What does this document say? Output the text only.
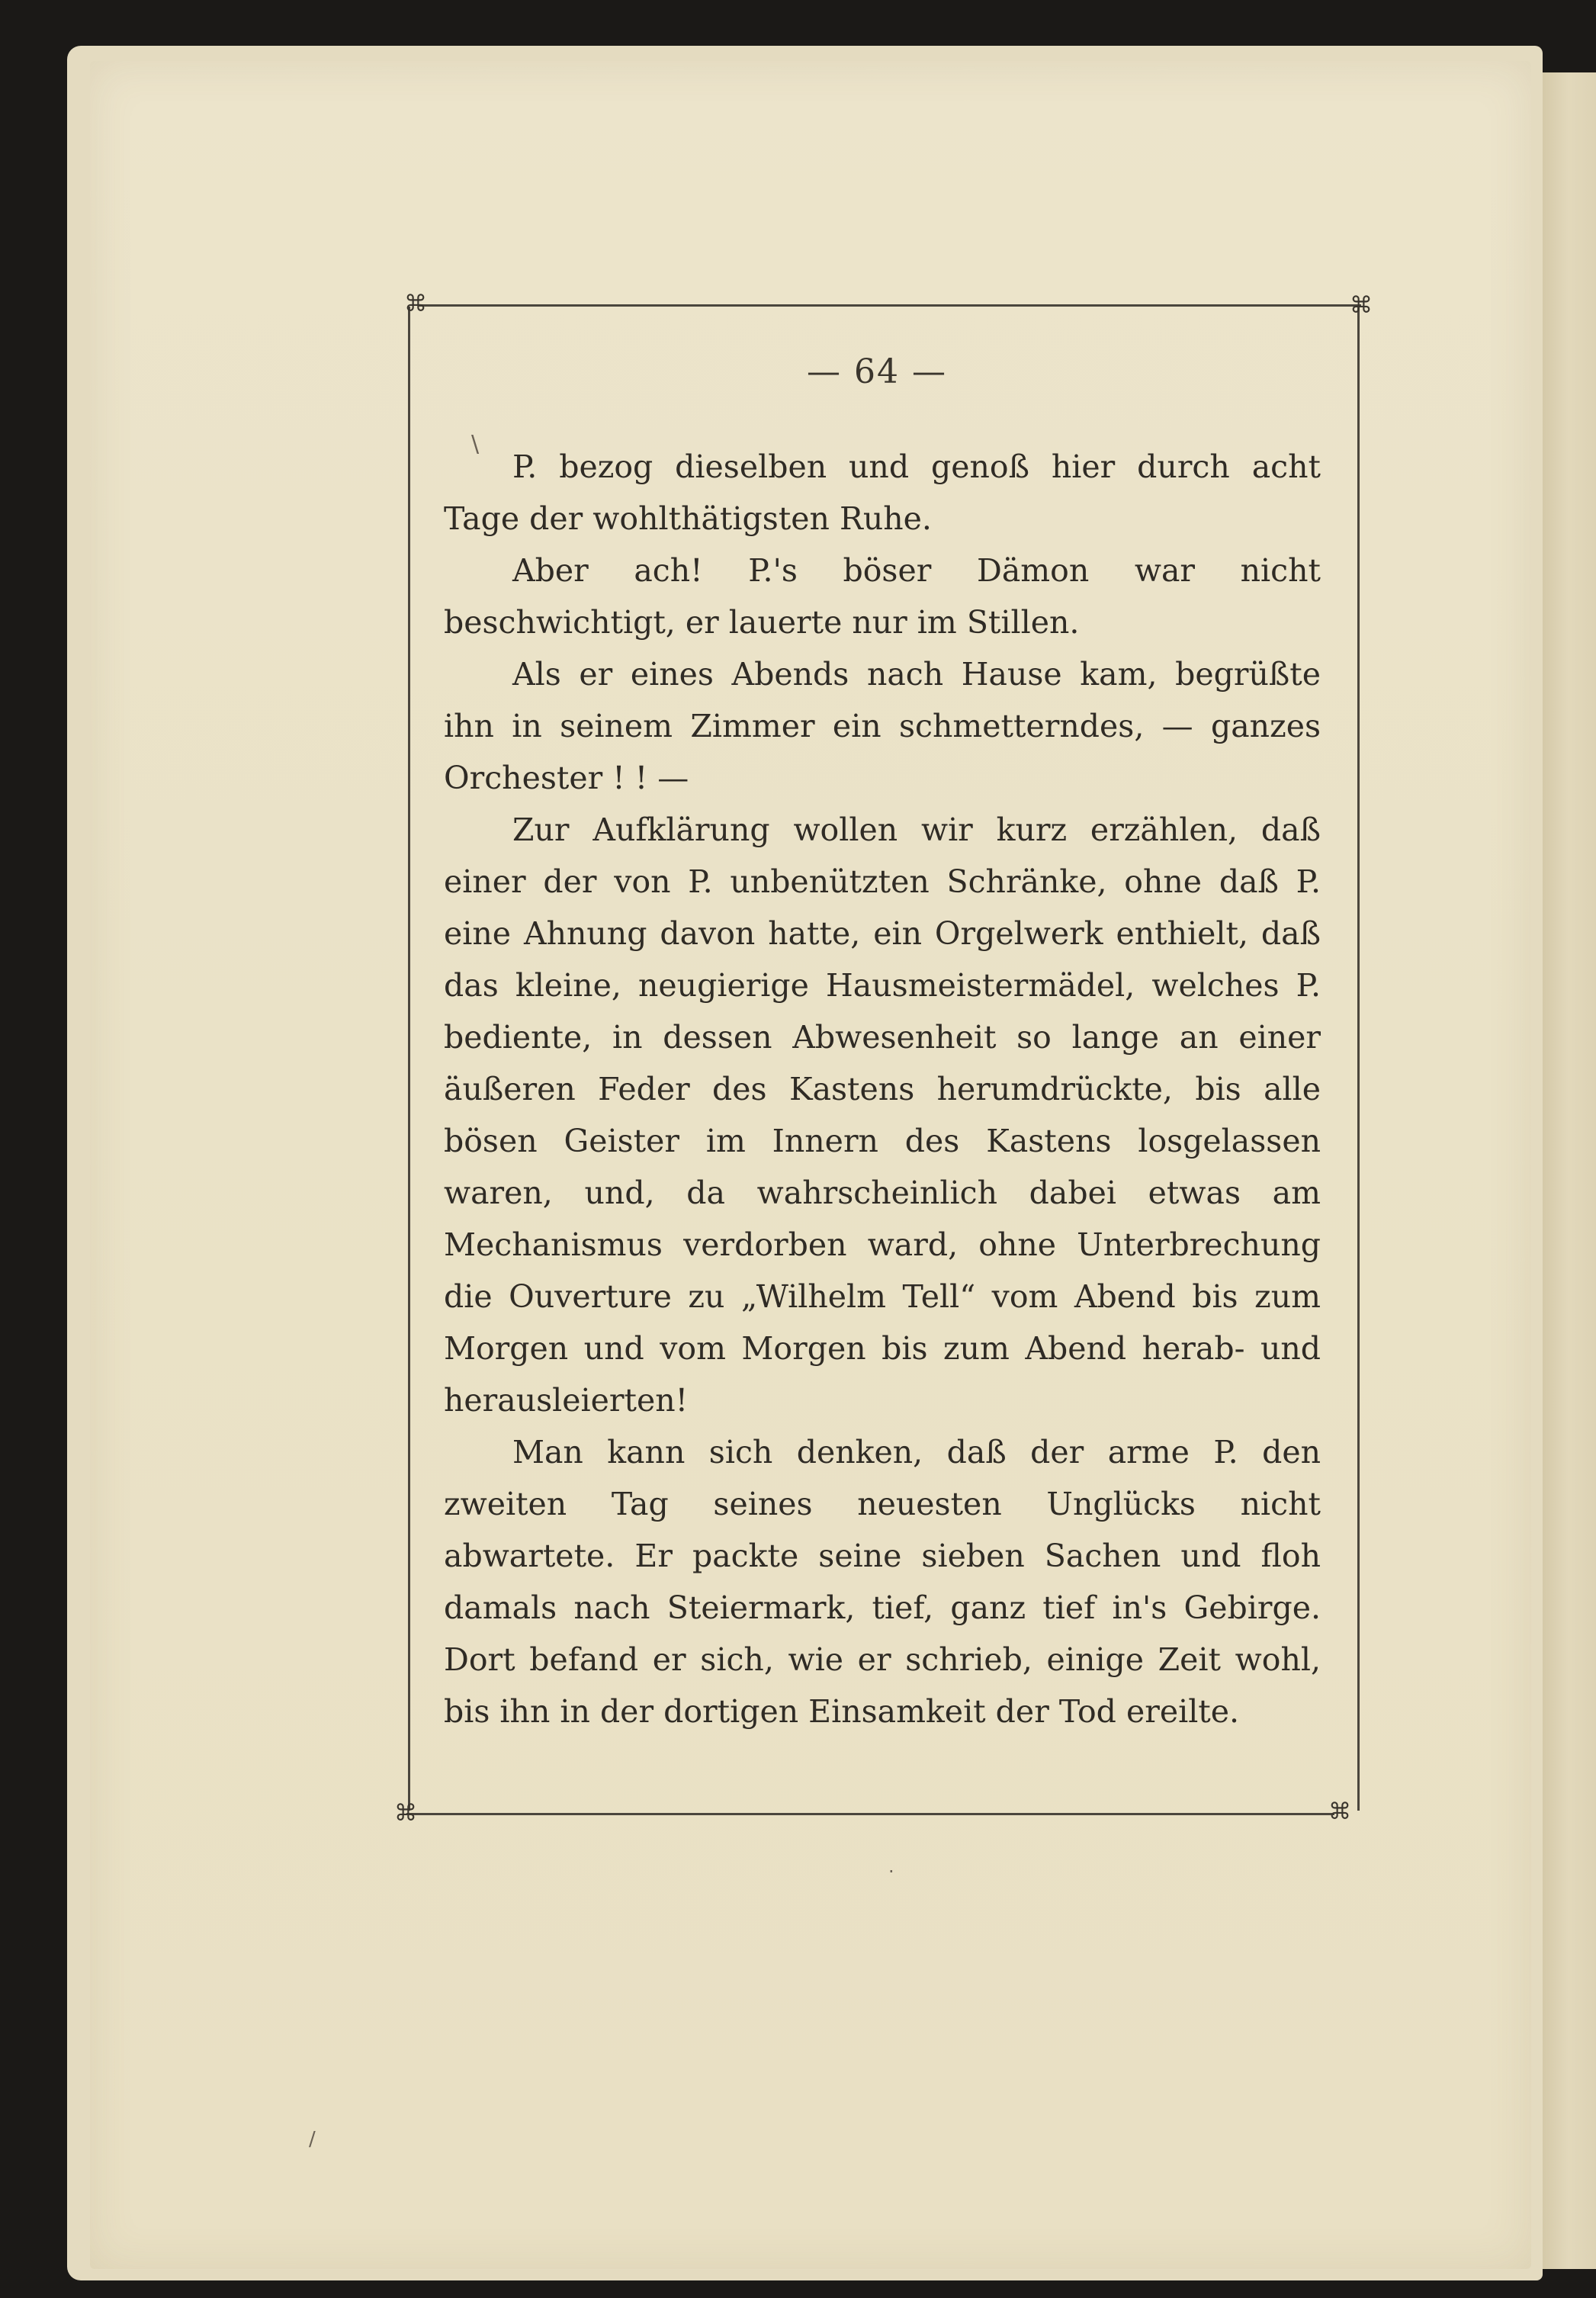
⌘	⌘
⌘	⌘
— 64 —

P. bezog dieselben und genoß hier durch acht Tage der wohlthätigsten Ruhe.

Aber ach! P.'s böser Dämon war nicht beschwichtigt, er lauerte nur im Stillen.

Als er eines Abends nach Hause kam, begrüßte ihn in seinem Zimmer ein schmetterndes, — ganzes Orchester ! ! —

Zur Aufklärung wollen wir kurz erzählen, daß einer der von P. unbenützten Schränke, ohne daß P. eine Ahnung davon hatte, ein Orgelwerk enthielt, daß das kleine, neugierige Hausmeistermädel, welches P. bediente, in dessen Abwesenheit so lange an einer äußeren Feder des Kastens herumdrückte, bis alle bösen Geister im Innern des Kastens losgelassen waren, und, da wahrscheinlich dabei etwas am Mechanismus verdorben ward, ohne Unterbrechung die Ouverture zu „Wilhelm Tell“ vom Abend bis zum Morgen und vom Morgen bis zum Abend herab- und herausleierten!

Man kann sich denken, daß der arme P. den zweiten Tag seines neuesten Unglücks nicht abwartete. Er packte seine sieben Sachen und floh damals nach Steiermark, tief, ganz tief in's Gebirge. Dort befand er sich, wie er schrieb, einige Zeit wohl, bis ihn in der dortigen Einsamkeit der Tod ereilte.

\
·
/
